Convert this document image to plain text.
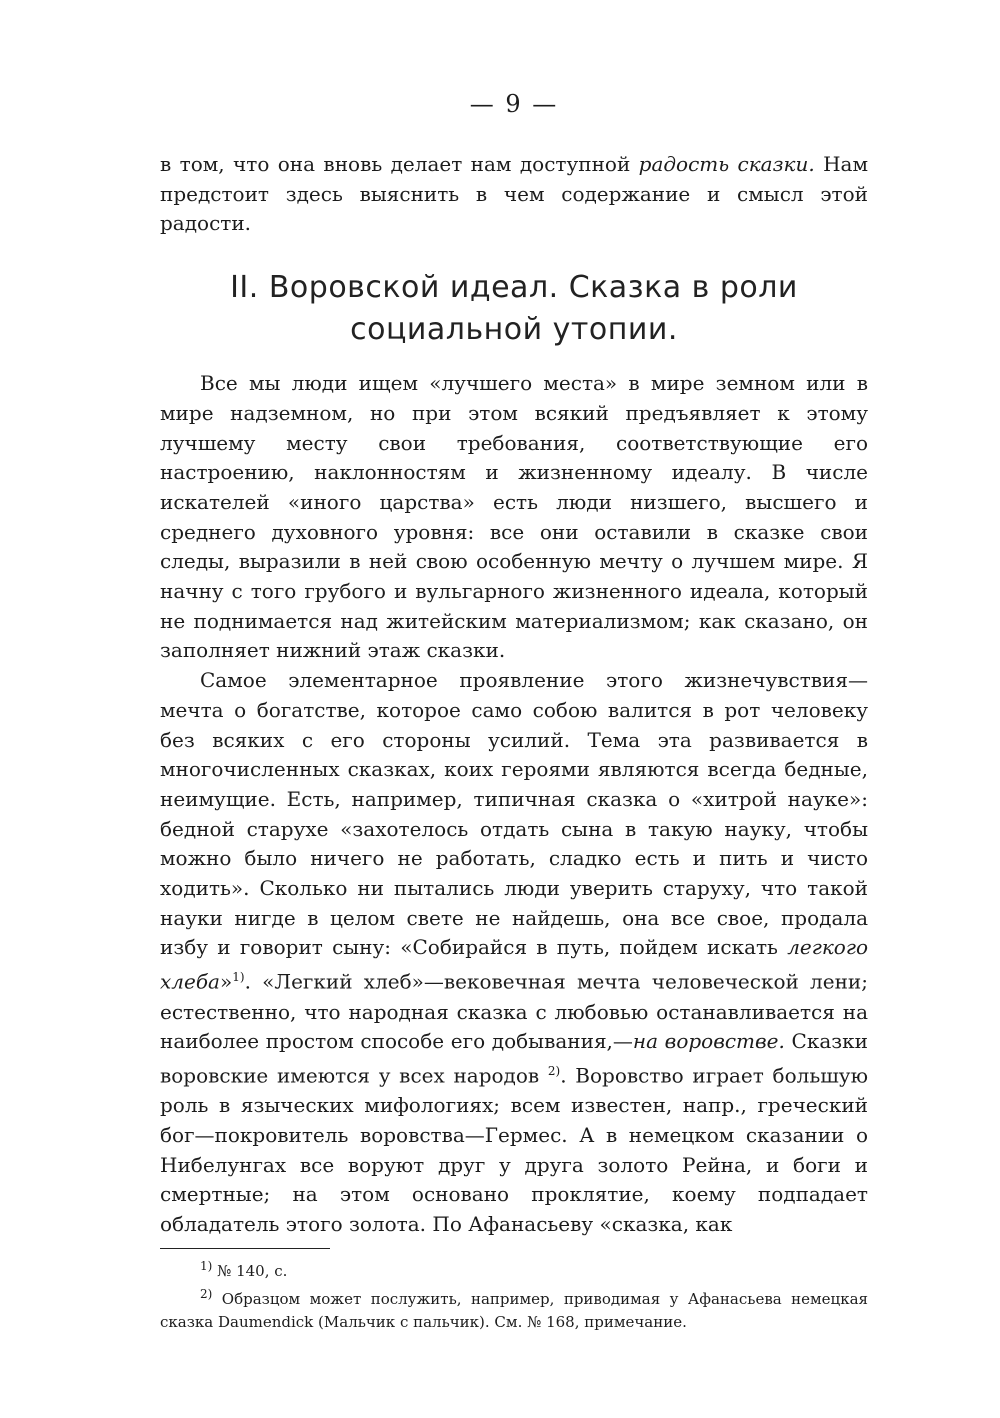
— 9 —

в том, что она вновь делает нам доступной радость сказки. Нам предстоит здесь выяснить в чем содержание и смысл этой радости.

II. Воровской идеал. Сказка в роли социальной утопии.

Все мы люди ищем «лучшего места» в мире земном или в мире надземном, но при этом всякий предъявляет к этому лучшему месту свои требования, соответствующие его настроению, наклонностям и жизненному идеалу. В числе искателей «иного царства» есть люди низшего, высшего и среднего духовного уровня: все они оставили в сказке свои следы, выразили в ней свою особенную мечту о лучшем мире. Я начну с того грубого и вульгарного жизненного идеала, который не поднимается над житейским материализмом; как сказано, он заполняет нижний этаж сказки.

Самое элементарное проявление этого жизнечувствия—мечта о богатстве, которое само собою валится в рот человеку без всяких с его стороны усилий. Тема эта развивается в многочисленных сказках, коих героями являются всегда бедные, неимущие. Есть, например, типичная сказка о «хитрой науке»: бедной старухе «захотелось отдать сына в такую науку, чтобы можно было ничего не работать, сладко есть и пить и чисто ходить». Сколько ни пытались люди уверить старуху, что такой науки нигде в целом свете не найдешь, она все свое, продала избу и говорит сыну: «Собирайся в путь, пойдем искать легкого хлеба»$^{1)}$. «Легкий хлеб»—вековечная мечта человеческой лени; естественно, что народная сказка с любовью останавливается на наиболее простом способе его добывания,—на воровстве. Сказки воровские имеются у всех народов $^{2)}$. Воровство играет большую роль в языческих мифологиях; всем известен, напр., греческий бог—покровитель воровства—Гермес. А в немецком сказании о Нибелунгах все воруют друг у друга золото Рейна, и боги и смертные; на этом основано проклятие, коему подпадает обладатель этого золота. По Афанасьеву «сказка, как

$^{1)}$ № 140, с.

$^{2)}$ Образцом может послужить, например, приводимая у Афанасьева немецкая сказка Daumendick (Мальчик с пальчик). См. № 168, примечание.
